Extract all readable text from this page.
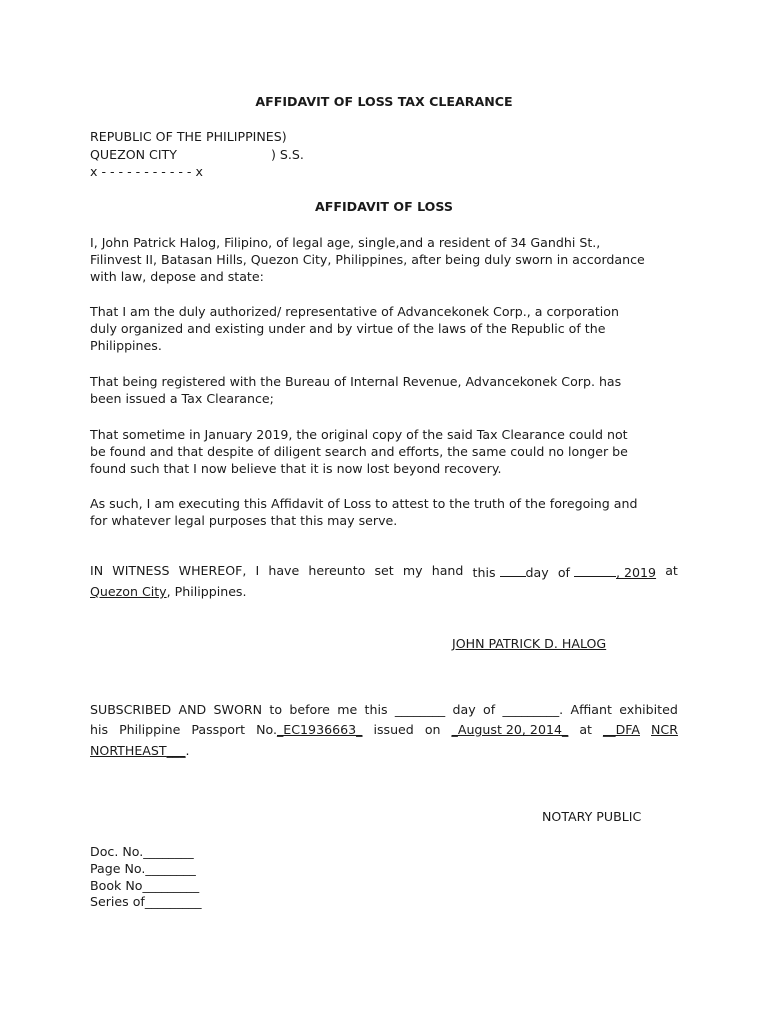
AFFIDAVIT OF LOSS TAX CLEARANCE
REPUBLIC OF THE PHILIPPINES)
QUEZON CITY	) S.S.
x - - - - - - - - - - - x
AFFIDAVIT OF LOSS
I, John Patrick Halog, Filipino, of legal age, single,and a resident of 34 Gandhi St.,
Filinvest II, Batasan Hills, Quezon City, Philippines, after being duly sworn in accordance
with law, depose and state:
That I am the duly authorized/ representative of Advancekonek Corp., a corporation
duly organized and existing under and by virtue of the laws of the Republic of the
Philippines.
That being registered with the Bureau of Internal Revenue, Advancekonek Corp. has
been issued a Tax Clearance;
That sometime in January 2019, the original copy of the said Tax Clearance could not
be found and that despite of diligent search and efforts, the same could no longer be
found such that I now believe that it is now lost beyond recovery.
As such, I am executing this Affidavit of Loss to attest to the truth of the foregoing and
for whatever legal purposes that this may serve.
IN WITNESS WHEREOF, I have hereunto set my hand this day of	, 2019 at
Quezon City, Philippines.
JOHN PATRICK D. HALOG
SUBSCRIBED AND SWORN to before me this ________ day of _________. Affiant exhibited
his Philippine Passport No._EC1936663_ issued on _August 20, 2014_ at __DFA NCR
NORTHEAST___.
NOTARY PUBLIC
Doc. No.________
Page No.________
Book No_________
Series of_________
